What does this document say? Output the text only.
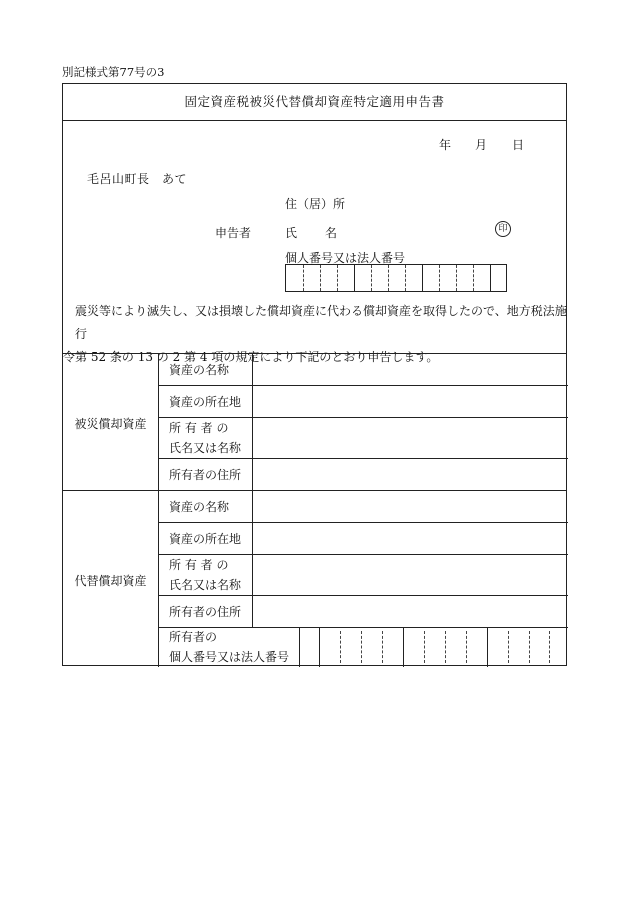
別記様式第77号の3
固定資産税被災代替償却資産特定適用申告書
年 月 日
毛呂山町長　あて
住（居）所
申告者	氏 名	印
個人番号又は法人番号
震災等により滅失し、又は損壊した償却資産に代わる償却資産を取得したので、地方税法施行
令第 52 条の 13 の 2 第 4 項の規定により下記のとおり申告します。
被災償却資産
代替償却資産
資産の名称
資産の所在地
所 有 者 の
氏名又は名称
所有者の住所
資産の名称
資産の所在地
所 有 者 の
氏名又は名称
所有者の住所
所有者の
個人番号又は法人番号
